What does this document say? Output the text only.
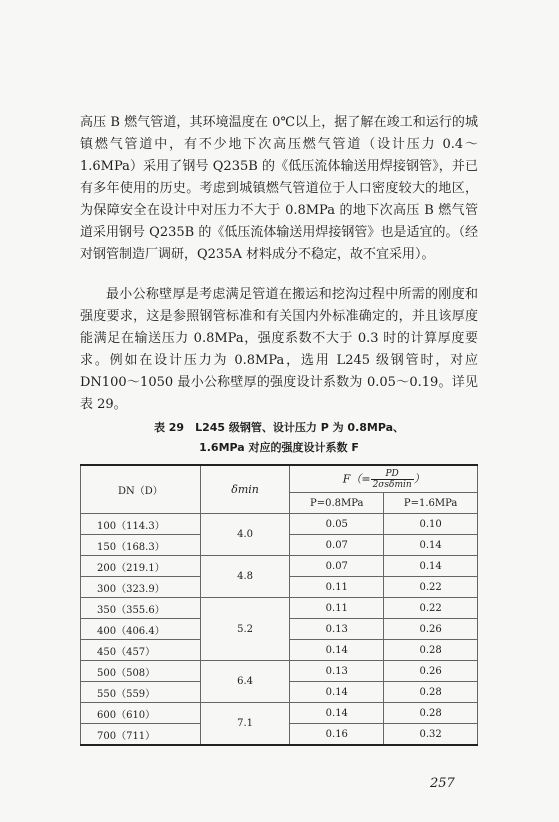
高压 B 燃气管道，其环境温度在 0℃以上，据了解在竣工和运行的城镇燃气管道中，有不少地下次高压燃气管道（设计压力 0.4～1.6MPa）采用了钢号 Q235B 的《低压流体输送用焊接钢管》，并已有多年使用的历史。考虑到城镇燃气管道位于人口密度较大的地区，为保障安全在设计中对压力不大于 0.8MPa 的地下次高压 B 燃气管道采用钢号 Q235B 的《低压流体输送用焊接钢管》也是适宜的。（经对钢管制造厂调研，Q235A 材料成分不稳定，故不宜采用）。

最小公称壁厚是考虑满足管道在搬运和挖沟过程中所需的刚度和强度要求，这是参照钢管标准和有关国内外标准确定的，并且该厚度能满足在输送压力 0.8MPa，强度系数不大于 0.3 时的计算厚度要求。例如在设计压力为 0.8MPa，选用 L245 级钢管时，对应 DN100～1050 最小公称壁厚的强度设计系数为 0.05～0.19。详见表 29。

表 29　L245 级钢管、设计压力 P 为 0.8MPa、
1.6MPa 对应的强度设计系数 F
DN（D）	δmin	$F(= \frac{PD}{\text{2σsδmin}}$ ）	
		P=0.8MPa	P=1.6MPa
100（114.3）	4.0	0.05	0.10
150（168.3）		0.07	0.14
200（219.1）	4.8	0.07	0.14
300（323.9）		0.11	0.22
350（355.6）	5.2	0.11	0.22
400（406.4）		0.13	0.26
450（457）		0.14	0.28
500（508）	6.4	0.13	0.26
550（559）		0.14	0.28
600（610）	7.1	0.14	0.28
700（711）		0.16	0.32
257
